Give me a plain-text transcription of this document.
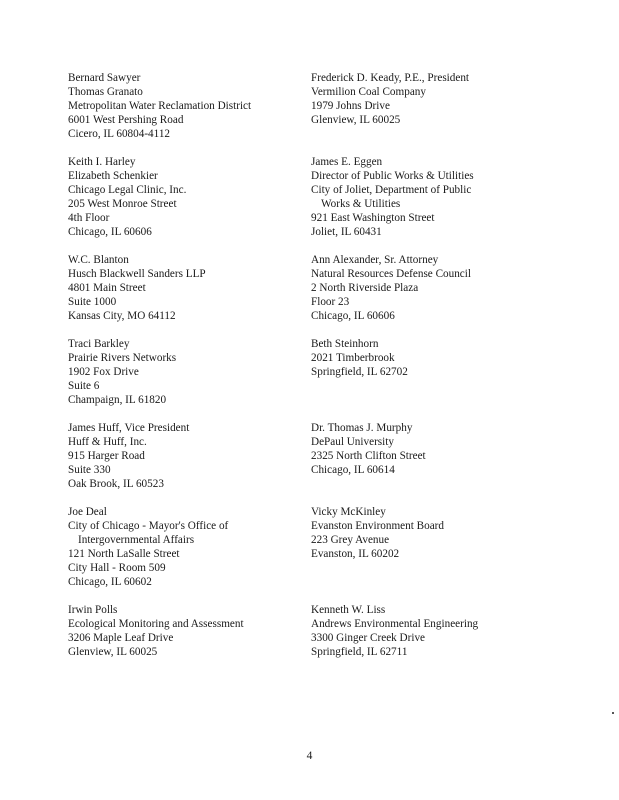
Bernard Sawyer
Thomas Granato
Metropolitan Water Reclamation District
6001 West Pershing Road
Cicero, IL 60804-4112
Keith I. Harley
Elizabeth Schenkier
Chicago Legal Clinic, Inc.
205 West Monroe Street
4th Floor
Chicago, IL 60606
W.C. Blanton
Husch Blackwell Sanders LLP
4801 Main Street
Suite 1000
Kansas City, MO 64112
Traci Barkley
Prairie Rivers Networks
1902 Fox Drive
Suite 6
Champaign, IL 61820
James Huff, Vice President
Huff & Huff, Inc.
915 Harger Road
Suite 330
Oak Brook, IL 60523
Joe Deal
City of Chicago - Mayor's Office of
Intergovernmental Affairs
121 North LaSalle Street
City Hall - Room 509
Chicago, IL 60602
Irwin Polls
Ecological Monitoring and Assessment
3206 Maple Leaf Drive
Glenview, IL 60025
Frederick D. Keady, P.E., President
Vermilion Coal Company
1979 Johns Drive
Glenview, IL 60025
James E. Eggen
Director of Public Works & Utilities
City of Joliet, Department of Public
Works & Utilities
921 East Washington Street
Joliet, IL 60431
Ann Alexander, Sr. Attorney
Natural Resources Defense Council
2 North Riverside Plaza
Floor 23
Chicago, IL 60606
Beth Steinhorn
2021 Timberbrook
Springfield, IL 62702
Dr. Thomas J. Murphy
DePaul University
2325 North Clifton Street
Chicago, IL 60614
Vicky McKinley
Evanston Environment Board
223 Grey Avenue
Evanston, IL 60202
Kenneth W. Liss
Andrews Environmental Engineering
3300 Ginger Creek Drive
Springfield, IL 62711
4
